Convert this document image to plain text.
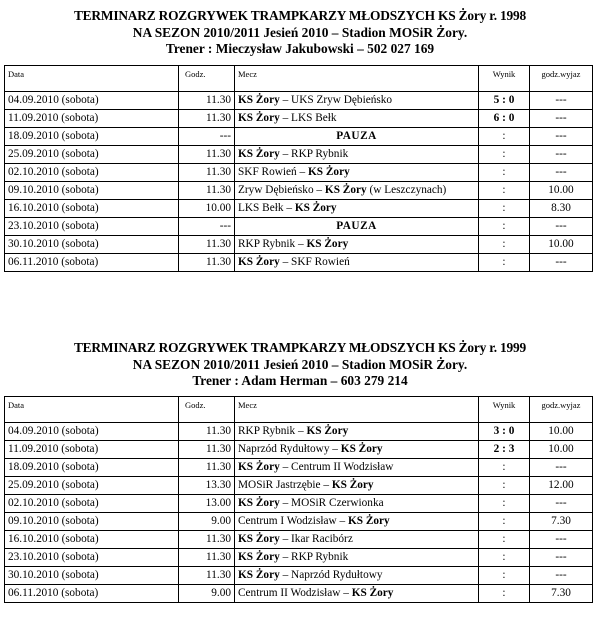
TERMINARZ ROZGRYWEK TRAMPKARZY MŁODSZYCH KS Żory r. 1998
NA SEZON 2010/2011 Jesień 2010 – Stadion MOSiR Żory.
Trener : Mieczysław Jakubowski – 502 027 169
Data	Godz.	Mecz	Wynik	godz.wyjaz
04.09.2010 (sobota)	11.30	KS Żory – UKS Zryw Dębieńsko	5 : 0	---
11.09.2010 (sobota)	11.30	KS Żory – LKS Bełk	6 : 0	---
18.09.2010 (sobota)	---	PAUZA	:	---
25.09.2010 (sobota)	11.30	KS Żory – RKP Rybnik	:	---
02.10.2010 (sobota)	11.30	SKF Rowień – KS Żory	:	---
09.10.2010 (sobota)	11.30	Zryw Dębieńsko – KS Żory (w Leszczynach)	:	10.00
16.10.2010 (sobota)	10.00	LKS Bełk – KS Żory	:	8.30
23.10.2010 (sobota)	---	PAUZA	:	---
30.10.2010 (sobota)	11.30	RKP Rybnik – KS Żory	:	10.00
06.11.2010 (sobota)	11.30	KS Żory – SKF Rowień	:	---
TERMINARZ ROZGRYWEK TRAMPKARZY MŁODSZYCH KS Żory r. 1999
NA SEZON 2010/2011 Jesień 2010 – Stadion MOSiR Żory.
Trener : Adam Herman – 603 279 214
Data	Godz.	Mecz	Wynik	godz.wyjaz
04.09.2010 (sobota)	11.30	RKP Rybnik – KS Żory	3 : 0	10.00
11.09.2010 (sobota)	11.30	Naprzód Rydułtowy – KS Żory	2 : 3	10.00
18.09.2010 (sobota)	11.30	KS Żory – Centrum II Wodzisław	:	---
25.09.2010 (sobota)	13.30	MOSiR Jastrzębie – KS Żory	:	12.00
02.10.2010 (sobota)	13.00	KS Żory – MOSiR Czerwionka	:	---
09.10.2010 (sobota)	9.00	Centrum I Wodzisław – KS Żory	:	7.30
16.10.2010 (sobota)	11.30	KS Żory – Ikar Racibórz	:	---
23.10.2010 (sobota)	11.30	KS Żory – RKP Rybnik	:	---
30.10.2010 (sobota)	11.30	KS Żory – Naprzód Rydułtowy	:	---
06.11.2010 (sobota)	9.00	Centrum II Wodzisław – KS Żory	:	7.30
